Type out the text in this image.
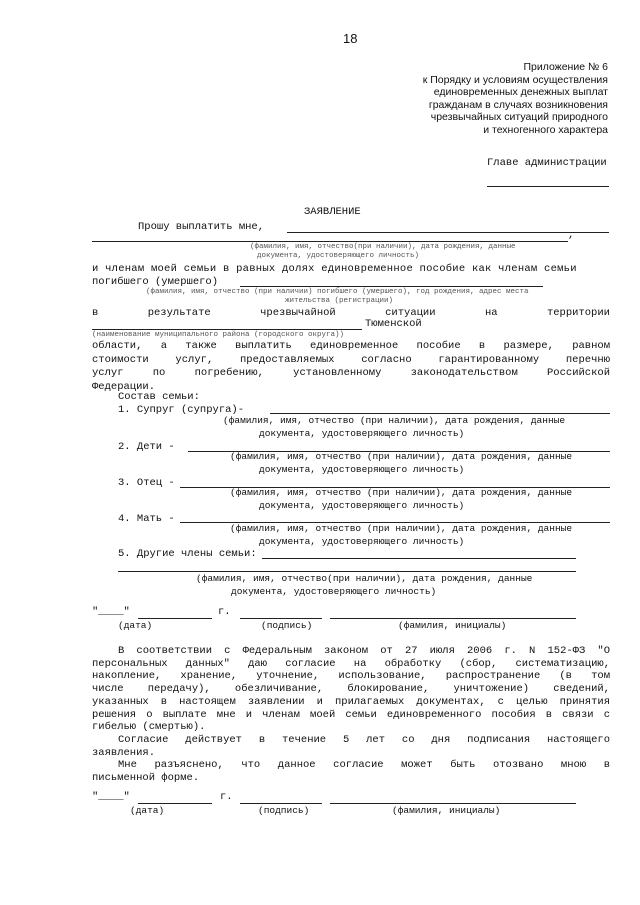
18
Приложение № 6
к Порядку и условиям осуществления
единовременных денежных выплат
гражданам в случаях возникновения
чрезвычайных ситуаций природного
и техногенного характера
Главе администрации
ЗАЯВЛЕНИЕ
Прошу выплатить мне,
,
(фамилия, имя, отчество(при наличии), дата рождения, данные
документа, удостоверяющего личность)
и членам моей семьи в равных долях единовременное пособие как членам семьи
погибшего (умершего)
(фамилия, имя, отчество (при наличии) погибшего (умершего), год рождения, адрес места
жительства (регистрации)
в	результате	чрезвычайной	ситуации	на	территории
Тюменской
(наименование муниципального района (городского округа))
области, а также выплатить единовременное пособие в размере, равном
стоимости услуг, предоставляемых согласно гарантированному перечню
услуг по погребению, установленному законодательством Российской
Федерации.
Состав семьи:
1. Супруг (супруга)-
(фамилия, имя, отчество (при наличии), дата рождения, данные
документа, удостоверяющего личность)
2. Дети -
(фамилия, имя, отчество (при наличии), дата рождения, данные
документа, удостоверяющего личность)
3. Отец -
(фамилия, имя, отчество (при наличии), дата рождения, данные
документа, удостоверяющего личность)
4. Мать -
(фамилия, имя, отчество (при наличии), дата рождения, данные
документа, удостоверяющего личность)
5. Другие члены семьи:
(фамилия, имя, отчество(при наличии), дата рождения, данные
документа, удостоверяющего личность)
"____"	г.
(дата)	(подпись)	(фамилия, инициалы)
В соответствии с Федеральным законом от 27 июля 2006 г. N 152-ФЗ "О
персональных данных" даю согласие на обработку (сбор, систематизацию,
накопление, хранение, уточнение, использование, распространение (в том
числе передачу), обезличивание, блокирование, уничтожение) сведений,
указанных в настоящем заявлении и прилагаемых документах, с целью принятия
решения о выплате мне и членам моей семьи единовременного пособия в связи с
гибелью (смертью).
Согласие действует в течение 5 лет со дня подписания настоящего
заявления.
Мне разъяснено, что данное согласие может быть отозвано мною в
письменной форме.
"____"	г.
(дата)	(подпись)	(фамилия, инициалы)
